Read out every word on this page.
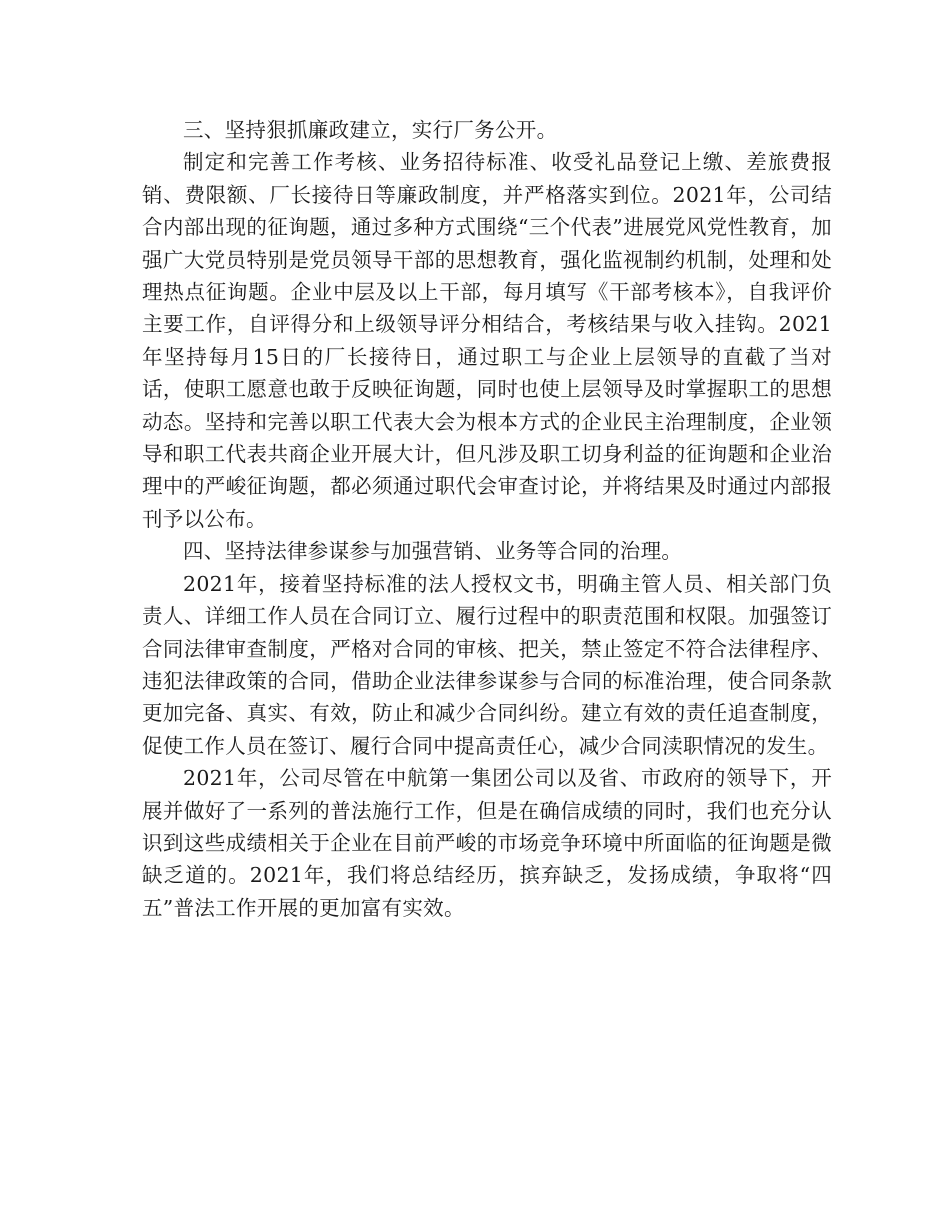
三、坚持狠抓廉政建立，实行厂务公开。

制定和完善工作考核、业务招待标准、收受礼品登记上缴、差旅费报销、费限额、厂长接待日等廉政制度，并严格落实到位。2021年，公司结合内部出现的征询题，通过多种方式围绕“三个代表”进展党风党性教育，加强广大党员特别是党员领导干部的思想教育，强化监视制约机制，处理和处理热点征询题。企业中层及以上干部，每月填写《干部考核本》，自我评价主要工作，自评得分和上级领导评分相结合，考核结果与收入挂钩。2021年坚持每月15日的厂长接待日，通过职工与企业上层领导的直截了当对话，使职工愿意也敢于反映征询题，同时也使上层领导及时掌握职工的思想动态。坚持和完善以职工代表大会为根本方式的企业民主治理制度，企业领导和职工代表共商企业开展大计，但凡涉及职工切身利益的征询题和企业治理中的严峻征询题，都必须通过职代会审查讨论，并将结果及时通过内部报刊予以公布。

四、坚持法律参谋参与加强营销、业务等合同的治理。

2021年，接着坚持标准的法人授权文书，明确主管人员、相关部门负责人、详细工作人员在合同订立、履行过程中的职责范围和权限。加强签订合同法律审查制度，严格对合同的审核、把关，禁止签定不符合法律程序、违犯法律政策的合同，借助企业法律参谋参与合同的标准治理，使合同条款更加完备、真实、有效，防止和减少合同纠纷。建立有效的责任追查制度，促使工作人员在签订、履行合同中提高责任心，减少合同渎职情况的发生。

2021年，公司尽管在中航第一集团公司以及省、市政府的领导下，开展并做好了一系列的普法施行工作，但是在确信成绩的同时，我们也充分认识到这些成绩相关于企业在目前严峻的市场竞争环境中所面临的征询题是微缺乏道的。2021年，我们将总结经历，摈弃缺乏，发扬成绩，争取将“四五”普法工作开展的更加富有实效。
